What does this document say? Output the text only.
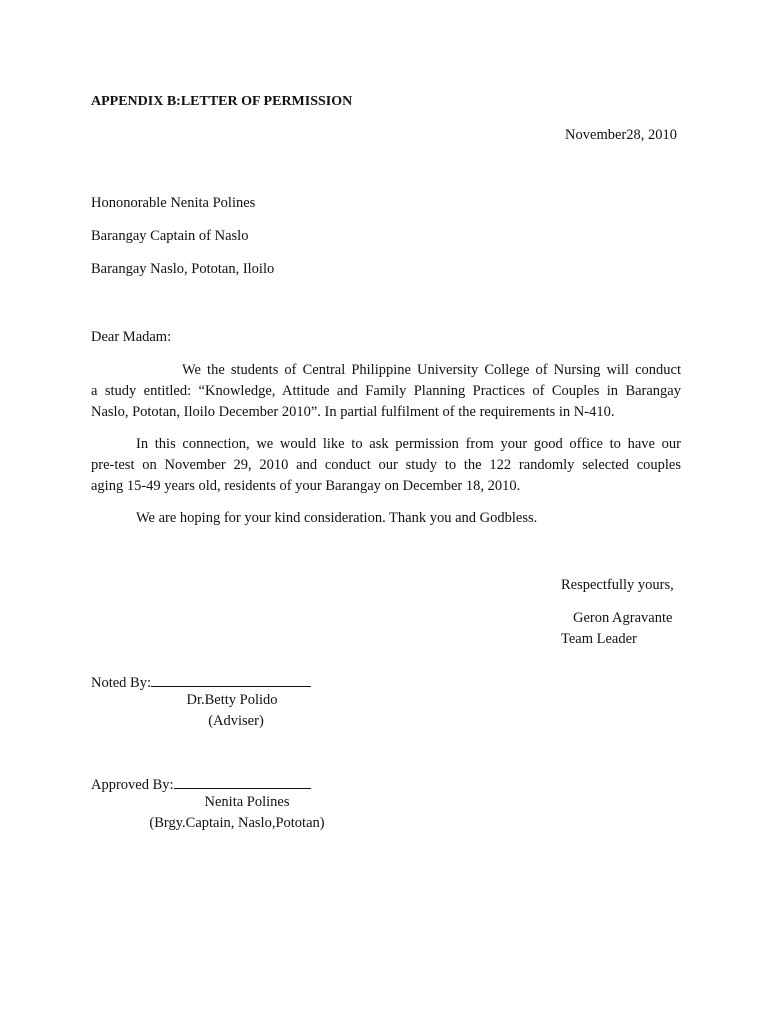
APPENDIX B:LETTER OF PERMISSION
November28, 2010
Hononorable Nenita Polines
Barangay Captain of Naslo
Barangay Naslo, Pototan, Iloilo
Dear Madam:
We the students of Central Philippine University College of Nursing will conduct
a study entitled: “Knowledge, Attitude and Family Planning Practices of Couples in Barangay
Naslo, Pototan, Iloilo December 2010”. In partial fulfilment of the requirements in N-410.
In this connection, we would like to ask permission from your good office to have our
pre-test on November 29, 2010 and conduct our study to the 122 randomly selected couples
aging 15-49 years old, residents of your Barangay on December 18, 2010.
We are hoping for your kind consideration. Thank you and Godbless.
Respectfully yours,
Geron Agravante
Team Leader
Noted By:
Dr.Betty Polido
(Adviser)
Approved By:
Nenita Polines
(Brgy.Captain, Naslo,Pototan)
